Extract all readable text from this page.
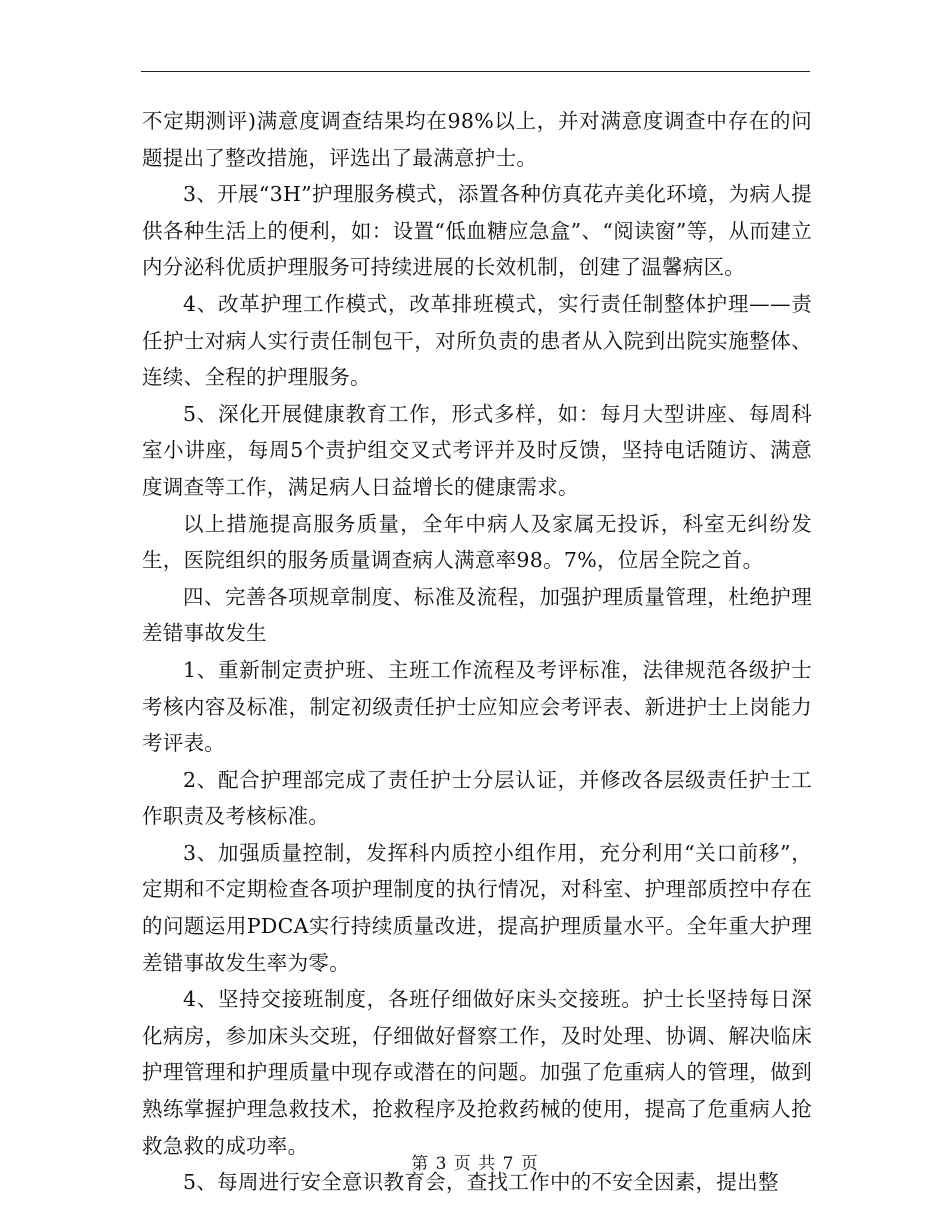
不定期测评)满意度调查结果均在98%以上，并对满意度调查中存在的问题提出了整改措施，评选出了最满意护士。

3、开展“3H”护理服务模式，添置各种仿真花卉美化环境，为病人提供各种生活上的便利，如：设置“低血糖应急盒”、“阅读窗”等，从而建立内分泌科优质护理服务可持续进展的长效机制，创建了温馨病区。

4、改革护理工作模式，改革排班模式，实行责任制整体护理——责任护士对病人实行责任制包干，对所负责的患者从入院到出院实施整体、连续、全程的护理服务。

5、深化开展健康教育工作，形式多样，如：每月大型讲座、每周科室小讲座，每周5个责护组交叉式考评并及时反馈，坚持电话随访、满意度调查等工作，满足病人日益增长的健康需求。

以上措施提高服务质量，全年中病人及家属无投诉，科室无纠纷发生，医院组织的服务质量调查病人满意率98。7%，位居全院之首。

四、完善各项规章制度、标准及流程，加强护理质量管理，杜绝护理差错事故发生

1、重新制定责护班、主班工作流程及考评标准，法律规范各级护士考核内容及标准，制定初级责任护士应知应会考评表、新进护士上岗能力考评表。

2、配合护理部完成了责任护士分层认证，并修改各层级责任护士工作职责及考核标准。

3、加强质量控制，发挥科内质控小组作用，充分利用“关口前移”，定期和不定期检查各项护理制度的执行情况，对科室、护理部质控中存在的问题运用PDCA实行持续质量改进，提高护理质量水平。全年重大护理差错事故发生率为零。

4、坚持交接班制度，各班仔细做好床头交接班。护士长坚持每日深化病房，参加床头交班，仔细做好督察工作，及时处理、协调、解决临床护理管理和护理质量中现存或潜在的问题。加强了危重病人的管理，做到熟练掌握护理急救技术，抢救程序及抢救药械的使用，提高了危重病人抢救急救的成功率。

5、每周进行安全意识教育会，查找工作中的不安全因素，提出整

第 3 页 共 7 页
